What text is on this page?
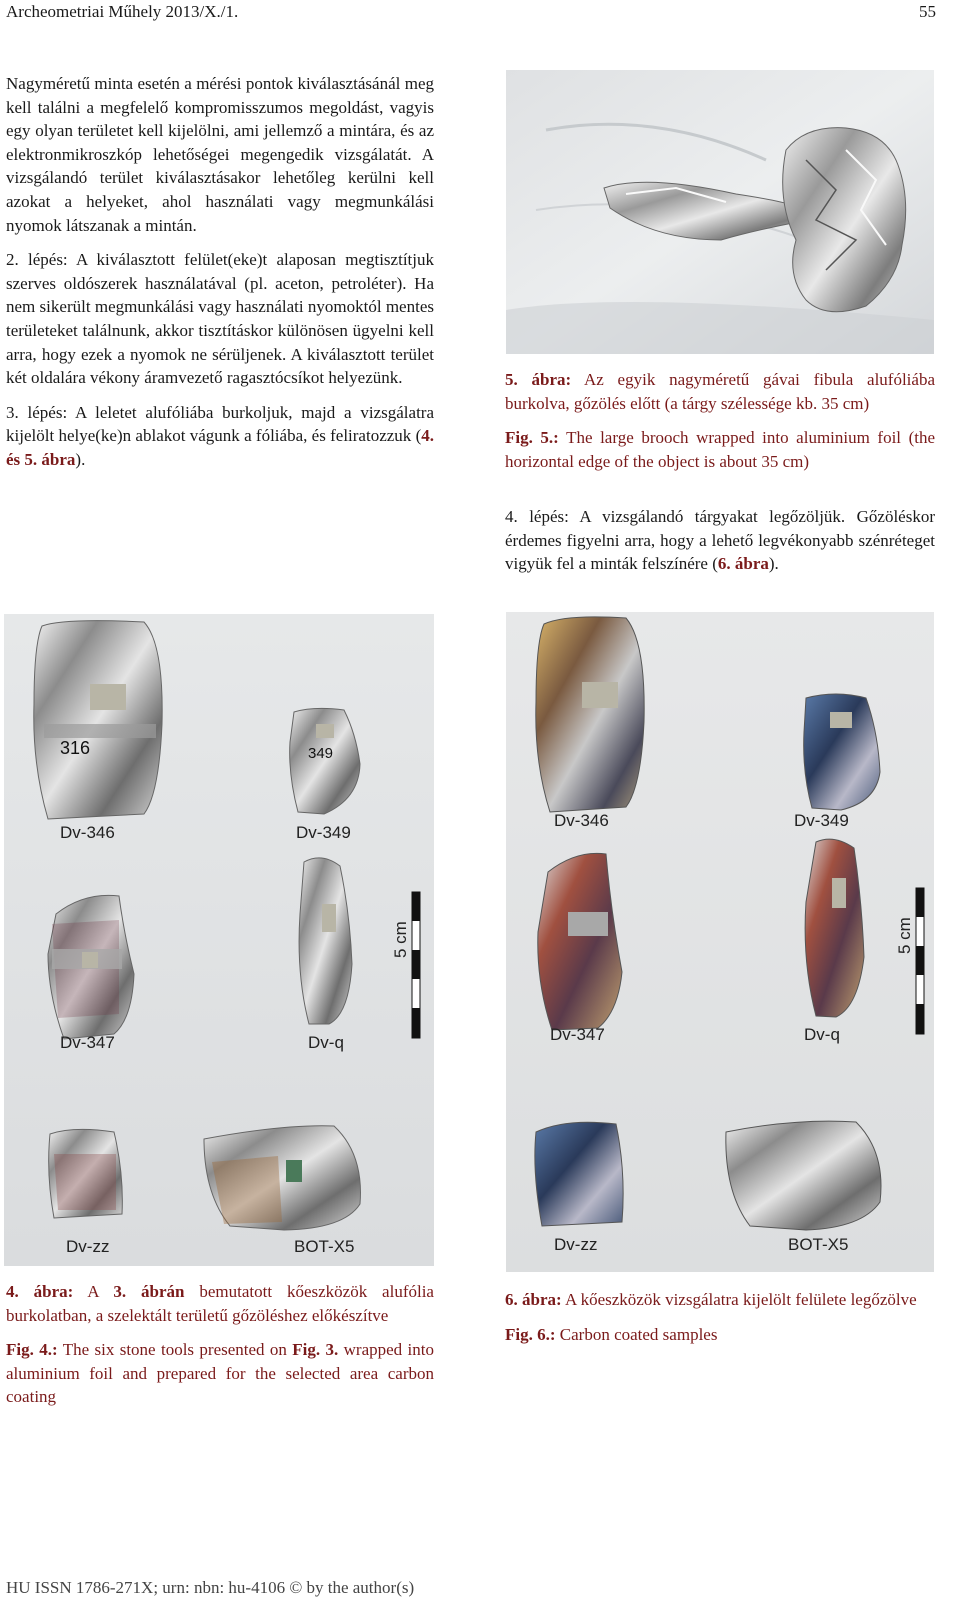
Archeometriai Műhely 2013/X./1.	55

Nagyméretű minta esetén a mérési pontok kiválasztásánál meg kell találni a megfelelő kompromisszumos megoldást, vagyis egy olyan területet kell kijelölni, ami jellemző a mintára, és az elektronmikroszkóp lehetőségei megengedik vizsgálatát. A vizsgálandó terület kiválasztásakor lehetőleg kerülni kell azokat a helyeket, ahol használati vagy megmunkálási nyomok látszanak a mintán.

2. lépés: A kiválasztott felület(eke)t alaposan megtisztítjuk szerves oldószerek használatával (pl. aceton, petroléter). Ha nem sikerült megmunkálási vagy használati nyomoktól mentes területeket találnunk, akkor tisztításkor különösen ügyelni kell arra, hogy ezek a nyomok ne sérüljenek. A kiválasztott terület két oldalára vékony áramvezető ragasztócsíkot helyezünk.

3. lépés: A leletet alufóliába burkoljuk, majd a vizsgálatra kijelölt helye(ke)n ablakot vágunk a fóliába, és feliratozzuk (4. és 5. ábra).

5. ábra: Az egyik nagyméretű gávai fibula alufóliába burkolva, gőzölés előtt (a tárgy szélessége kb. 35 cm)

Fig. 5.: The large brooch wrapped into aluminium foil (the horizontal edge of the object is about 35 cm)

4. lépés: A vizsgálandó tárgyakat legőzöljük. Gőzöléskor érdemes figyelni arra, hogy a lehető legvékonyabb szénréteget vigyük fel a minták felszínére (6. ábra).

316	349
5 cm
Dv-346	Dv-349
Dv-347	Dv-q
Dv-zz	BOT-X5
5 cm
Dv-346	Dv-349
Dv-347	Dv-q
Dv-zz	BOT-X5

4. ábra: A 3. ábrán bemutatott kőeszközök alufólia burkolatban, a szelektált területű gőzöléshez előkészítve

Fig. 4.: The six stone tools presented on Fig. 3. wrapped into aluminium foil and prepared for the selected area carbon coating

6. ábra: A kőeszközök vizsgálatra kijelölt felülete legőzölve

Fig. 6.: Carbon coated samples

HU ISSN 1786-271X; urn: nbn: hu-4106 © by the author(s)
